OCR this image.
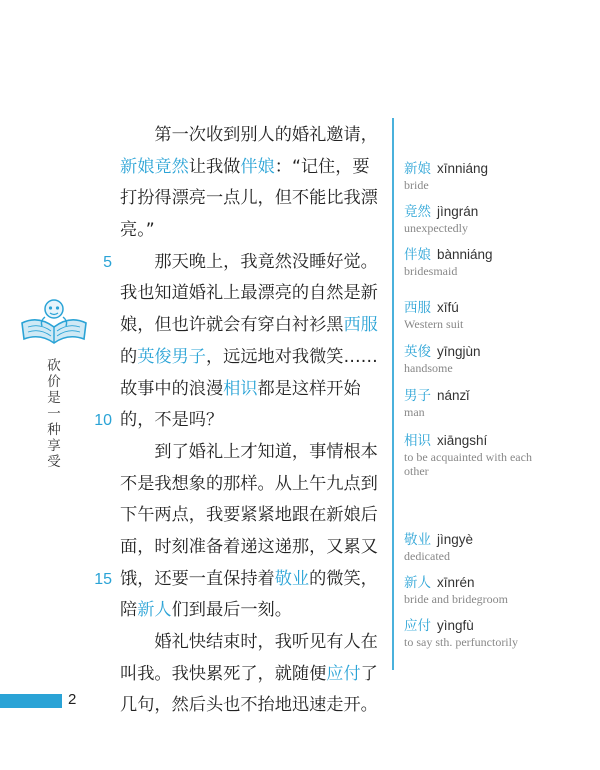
砍
价
是
一
种
享
受
　　第一次收到别人的婚礼邀请，
新娘竟然让我做伴娘：“记住，要
打扮得漂亮一点儿，但不能比我漂
亮。”
5 　　那天晚上，我竟然没睡好觉。
我也知道婚礼上最漂亮的自然是新
娘，但也许就会有穿白衬衫黑西服
的英俊男子，远远地对我微笑……
故事中的浪漫相识都是这样开始
10 的，不是吗？
　　到了婚礼上才知道，事情根本
不是我想象的那样。从上午九点到
下午两点，我要紧紧地跟在新娘后
面，时刻准备着递这递那，又累又
15 饿，还要一直保持着敬业的微笑，
陪新人们到最后一刻。
　　婚礼快结束时，我听见有人在
叫我。我快累死了，就随便应付了
几句，然后头也不抬地迅速走开。
新娘 xīnniáng
bride
竟然 jìngrán
unexpectedly
伴娘 bànniáng
bridesmaid
西服 xīfú
Western suit
英俊 yīngjùn
handsome
男子 nánzǐ
man
相识 xiāngshí
to be acquainted with each other
敬业 jìngyè
dedicated
新人 xīnrén
bride and bridegroom
应付 yìngfù
to say sth. perfunctorily
2
